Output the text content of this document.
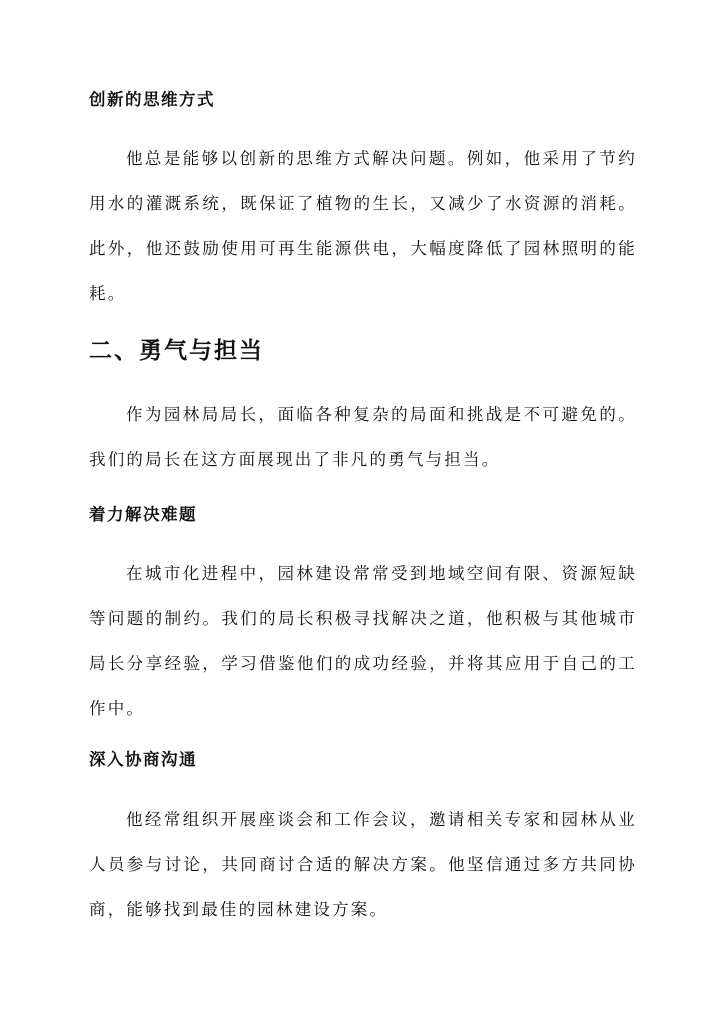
创新的思维方式

他总是能够以创新的思维方式解决问题。例如，他采用了节约用水的灌溉系统，既保证了植物的生长，又减少了水资源的消耗。此外，他还鼓励使用可再生能源供电，大幅度降低了园林照明的能耗。

二、勇气与担当

作为园林局局长，面临各种复杂的局面和挑战是不可避免的。我们的局长在这方面展现出了非凡的勇气与担当。

着力解决难题

在城市化进程中，园林建设常常受到地域空间有限、资源短缺等问题的制约。我们的局长积极寻找解决之道，他积极与其他城市局长分享经验，学习借鉴他们的成功经验，并将其应用于自己的工作中。

深入协商沟通

他经常组织开展座谈会和工作会议，邀请相关专家和园林从业人员参与讨论，共同商讨合适的解决方案。他坚信通过多方共同协商，能够找到最佳的园林建设方案。
